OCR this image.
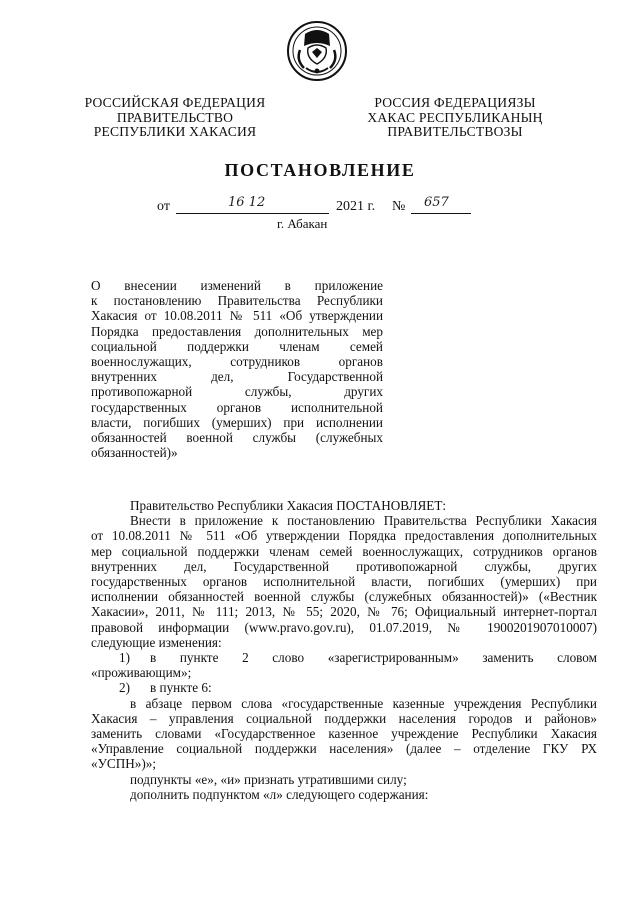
РОССИЙСКАЯ ФЕДЕРАЦИЯ
ПРАВИТЕЛЬСТВО
РЕСПУБЛИКИ ХАКАСИЯ
РОССИЯ ФЕДЕРАЦИЯЗЫ
ХАКАС РЕСПУБЛИКАНЫҢ
ПРАВИТЕЛЬСТВОЗЫ
ПОСТАНОВЛЕНИЕ
от	16 12	2021 г. № 657
г. Абакан
О внесении изменений в приложение
к постановлению Правительства Республики
Хакасия от 10.08.2011 № 511 «Об утверждении
Порядка предоставления дополнительных мер
социальной поддержки членам семей
военнослужащих, сотрудников органов
внутренних дел, Государственной
противопожарной службы, других
государственных органов исполнительной
власти, погибших (умерших) при исполнении
обязанностей военной службы (служебных
обязанностей)»

Правительство Республики Хакасия ПОСТАНОВЛЯЕТ:

Внести в приложение к постановлению Правительства Республики Хакасия

от 10.08.2011 № 511 «Об утверждении Порядка предоставления дополнительных

мер социальной поддержки членам семей военнослужащих, сотрудников органов

внутренних дел, Государственной противопожарной службы, других

государственных органов исполнительной власти, погибших (умерших) при

исполнении обязанностей военной службы (служебных обязанностей)» («Вестник

Хакасии», 2011, № 111; 2013, № 55; 2020, № 76; Официальный интернет-портал

правовой информации (www.pravo.gov.ru), 01.07.2019, № 1900201907010007)

следующие изменения:

1)	в пункте 2 слово «зарегистрированным» заменить словом

«проживающим»;

2)	в пункте 6:

в абзаце первом слова «государственные казенные учреждения Республики

Хакасия – управления социальной поддержки населения городов и районов»

заменить словами «Государственное казенное учреждение Республики Хакасия

«Управление социальной поддержки населения» (далее – отделение ГКУ РХ

«УСПН»)»;

подпункты «е», «и» признать утратившими силу;

дополнить подпунктом «л» следующего содержания:
